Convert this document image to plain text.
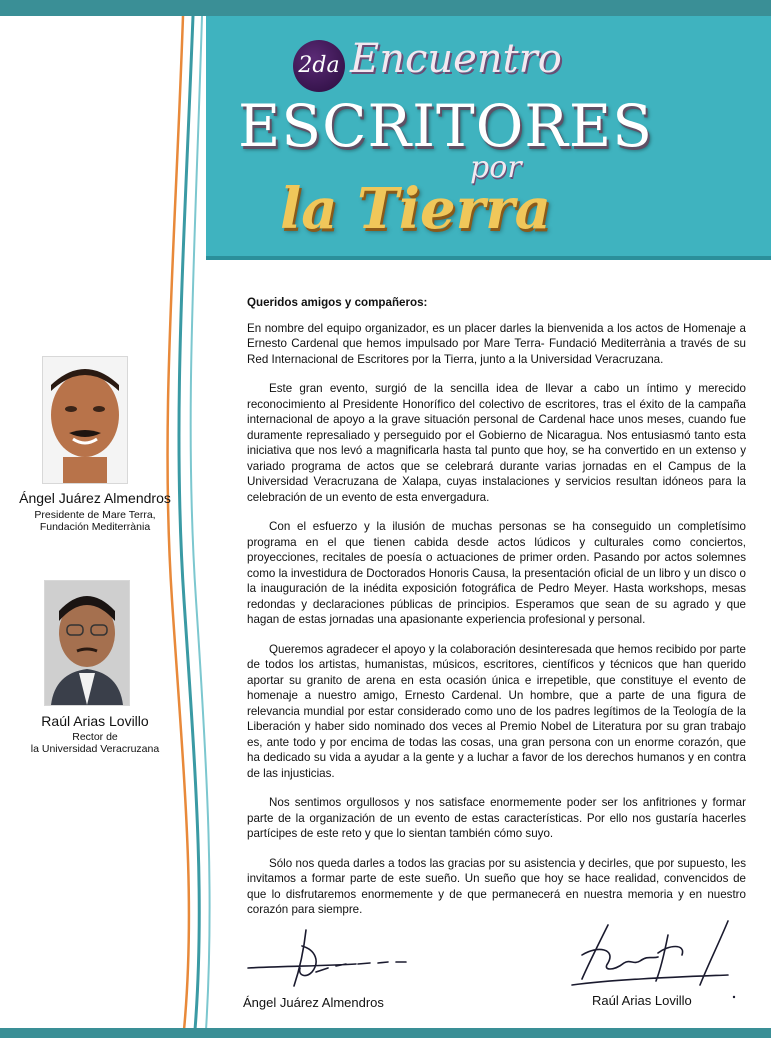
2da Encuentro
ESCRITORES
por
la Tierra
Ángel Juárez Almendros
Presidente de Mare Terra,
Fundación Mediterrània
Raúl Arias Lovillo
Rector de
la Universidad Veracruzana

Queridos amigos y compañeros:

En nombre del equipo organizador, es un placer darles la bienvenida a los actos de Homenaje a Ernesto Cardenal que hemos impulsado por Mare Terra- Fundació Mediterrània a través de su Red Internacional de Escritores por la Tierra, junto a la Universidad Veracruzana.

Este gran evento, surgió de la sencilla idea de llevar a cabo un íntimo y merecido reconocimiento al Presidente Honorífico del colectivo de escritores, tras el éxito de la campaña internacional de apoyo a la grave situación personal de Cardenal hace unos meses, cuando fue duramente represaliado y perseguido por el Gobierno de Nicaragua. Nos entusiasmó tanto esta iniciativa que nos levó a magnificarla hasta tal punto que hoy, se ha convertido en un extenso y variado programa de actos que se celebrará durante varias jornadas en el Campus de la Universidad Veracruzana de Xalapa, cuyas instalaciones y servicios resultan idóneos para la celebración de un evento de esta envergadura.

Con el esfuerzo y la ilusión de muchas personas se ha conseguido un completísimo programa en el que tienen cabida desde actos lúdicos y culturales como conciertos, proyecciones, recitales de poesía o actuaciones de primer orden. Pasando por actos solemnes como la investidura de Doctorados Honoris Causa, la presentación oficial de un libro y un disco o la inauguración de la inédita exposición fotográfica de Pedro Meyer. Hasta workshops, mesas redondas y declaraciones públicas de principios. Esperamos que sean de su agrado y que hagan de estas jornadas una apasionante experiencia profesional y personal.

Queremos agradecer el apoyo y la colaboración desinteresada que hemos recibido por parte de todos los artistas, humanistas, músicos, escritores, científicos y técnicos que han querido aportar su granito de arena en esta ocasión única e irrepetible, que constituye el evento de homenaje a nuestro amigo, Ernesto Cardenal. Un hombre, que a parte de una figura de relevancia mundial por estar considerado como uno de los padres legítimos de la Teología de la Liberación y haber sido nominado dos veces al Premio Nobel de Literatura por su gran trabajo es, ante todo y por encima de todas las cosas, una gran persona con un enorme corazón, que ha dedicado su vida a ayudar a la gente y a luchar a favor de los derechos humanos y en contra de las injusticias.

Nos sentimos orgullosos y nos satisface enormemente poder ser los anfitriones y formar parte de la organización de un evento de estas características. Por ello nos gustaría hacerles partícipes de este reto y que lo sientan también cómo suyo.

Sólo nos queda darles a todos las gracias por su asistencia y decirles, que por supuesto, les invitamos a formar parte de este sueño. Un sueño que hoy se hace realidad, convencidos de que lo disfrutaremos enormemente y de que permanecerá en nuestra memoria y en nuestro corazón para siempre.

Ángel Juárez Almendros	Raúl Arias Lovillo
